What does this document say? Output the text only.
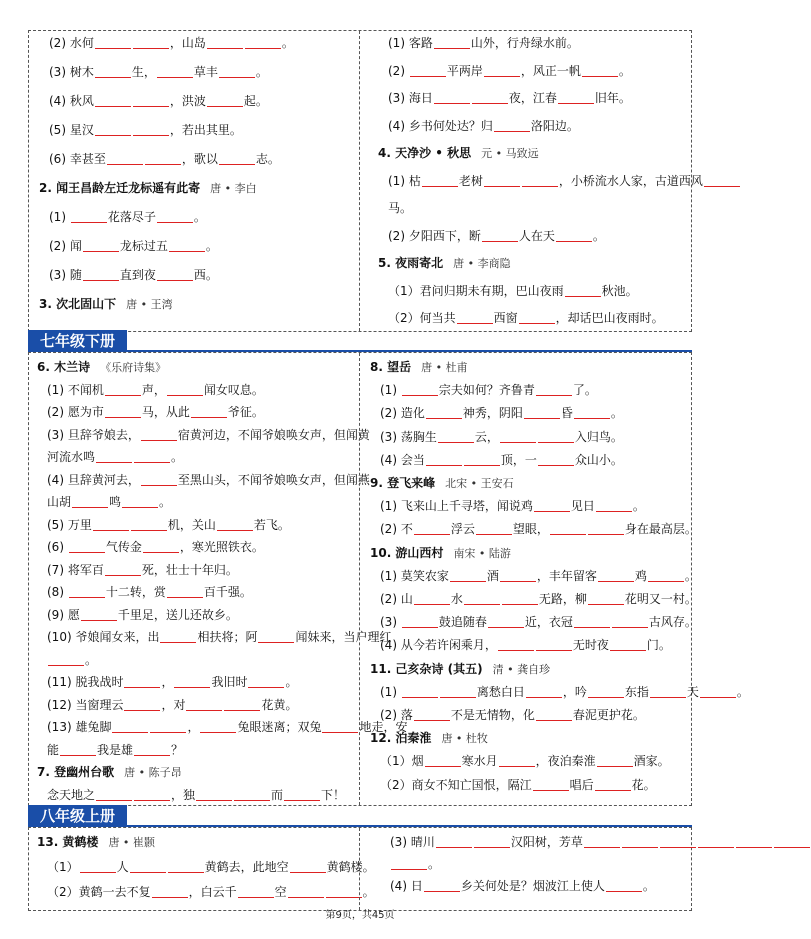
(2) 水何	，山岛	。
(3) 树木	生，	草丰	。
(4) 秋风	，洪波	起。
(5) 星汉	，若出其里。
(6) 幸甚至	，歌以	志。
2. 闻王昌龄左迁龙标遥有此寄 唐 • 李白
(1)	花落尽子	。
(2) 闻	龙标过五	。
(3) 随	直到夜	西。
3. 次北固山下 唐 • 王湾
(1) 客路	山外，行舟绿水前。
(2)	平两岸	，风正一帆	。
(3) 海日	夜，江春	旧年。
(4) 乡书何处达？归	洛阳边。
4. 天净沙 • 秋思 元 • 马致远
(1) 枯	老树	，小桥流水人家，古道西风
马。
(2) 夕阳西下，断	人在天	。
5. 夜雨寄北 唐 • 李商隐
（1）君问归期未有期，巴山夜雨	秋池。
（2）何当共	西窗	，却话巴山夜雨时。
七年级下册
6. 木兰诗 《乐府诗集》
(1) 不闻机	声，	闻女叹息。
(2) 愿为市	马，从此	爷征。
(3) 旦辞爷娘去，	宿黄河边，不闻爷娘唤女声，但闻黄
河流水鸣	。
(4) 旦辞黄河去，	至黑山头，不闻爷娘唤女声，但闻燕
山胡	鸣	。
(5) 万里	机，关山	若飞。
(6)	气传金	，寒光照铁衣。
(7) 将军百	死，壮士十年归。
(8)	十二转，赏	百千强。
(9) 愿	千里足，送儿还故乡。
(10) 爷娘闻女来，出	相扶将；阿	闻妹来，当户理红
。
(11) 脱我战时	，	我旧时	。
(12) 当窗理云	，对	花黄。
(13) 雄兔脚	，	兔眼迷离；双兔	地走，安
能	我是雄	？
7. 登幽州台歌 唐 • 陈子昂
念天地之	，独	而	下！
8. 望岳 唐 • 杜甫
(1)	宗夫如何？齐鲁青	了。
(2) 造化	神秀，阴阳	昏	。
(3) 荡胸生	云，	入归鸟。
(4) 会当	顶，一	众山小。
9. 登飞来峰 北宋 • 王安石
(1) 飞来山上千寻塔，闻说鸡	见日	。
(2) 不	浮云	望眼，	身在最高层。
10. 游山西村 南宋 • 陆游
(1) 莫笑农家	酒	，丰年留客	鸡	。
(2) 山	水	无路，柳	花明又一村。
(3)	鼓追随春	近，衣冠	古风存。
(4) 从今若许闲乘月，	无时夜	门。
11. 己亥杂诗 (其五) 清 • 龚自珍
(1)	离愁白日	，吟	东指	天	。
(2) 落	不是无情物，化	春泥更护花。
12. 泊秦淮 唐 • 杜牧
（1）烟	寒水月	，夜泊秦淮	酒家。
（2）商女不知亡国恨，隔江	唱后	花。
八年级上册
13. 黄鹤楼 唐 • 崔颢
（1）	人	黄鹤去，此地空	黄鹤楼。
（2）黄鹤一去不复	，白云千	空	。
(3) 晴川	汉阳树，芳草
。
(4) 日	乡关何处是？烟波江上使人	。
第9页，共45页
